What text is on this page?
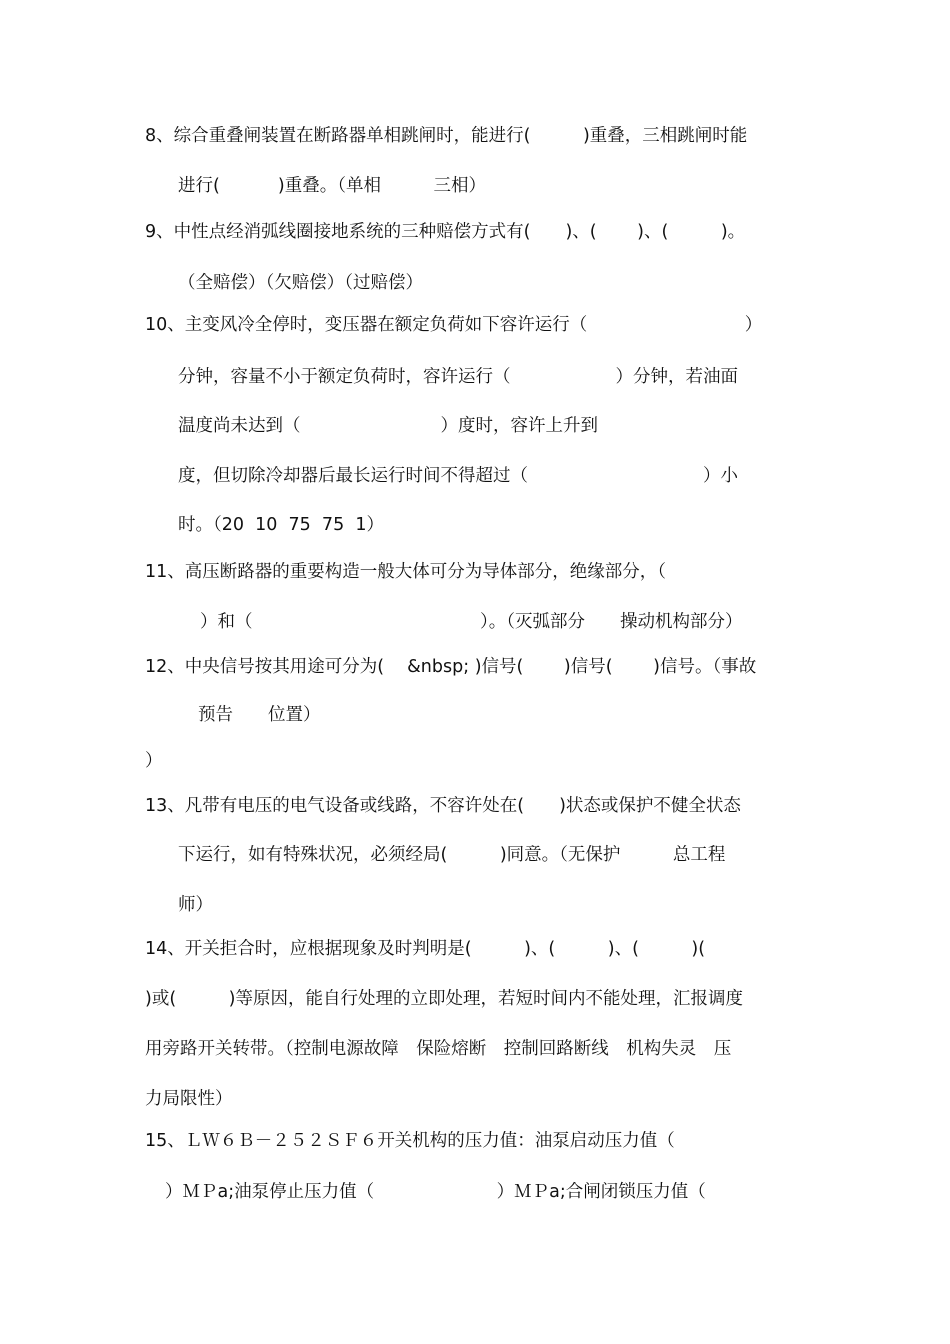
8、综合重叠闸装置在断路器单相跳闸时，能进行(　　　)重叠，三相跳闸时能
进行(　　　 )重叠。（单相　　　三相）
9、中性点经消弧线圈接地系统的三种赔偿方式有(　　)、(　　 )、(　　　)。
（全赔偿）（欠赔偿）（过赔偿）
10、主变风冷全停时，变压器在额定负荷如下容许运行（　　　　　　　　　）
分钟，容量不小于额定负荷时，容许运行（　　　　　　）分钟，若油面
温度尚未达到（　　　　　　　　）度时，容许上升到
度，但切除冷却器后最长运行时间不得超过（　　　　　　　　　　）小
时。（20  10  75  75  1）
11、高压断路器的重要构造一般大体可分为导体部分，绝缘部分，（
）和（　　　　　　　　　　　　　）。（灭弧部分　　操动机构部分）
12、中央信号按其用途可分为(　 &nbsp; )信号(　　 )信号(　　 )信号。（事故
预告　　位置）
）
13、凡带有电压的电气设备或线路，不容许处在(　　)状态或保护不健全状态
下运行，如有特殊状况，必须经局(　　　)同意。（无保护　　　总工程
师）
14、开关拒合时，应根据现象及时判明是(　　　)、(　　　)、(　　　)(
)或(　　　)等原因，能自行处理的立即处理，若短时间内不能处理，汇报调度
用旁路开关转带。（控制电源故障　保险熔断　控制回路断线　机构失灵　压
力局限性）
15、ＬＷ６Ｂ－２５２ＳＦ６开关机构的压力值：油泵启动压力值（
）ＭＰa;油泵停止压力值（　　　　　　　）ＭＰa;合闸闭锁压力值（
